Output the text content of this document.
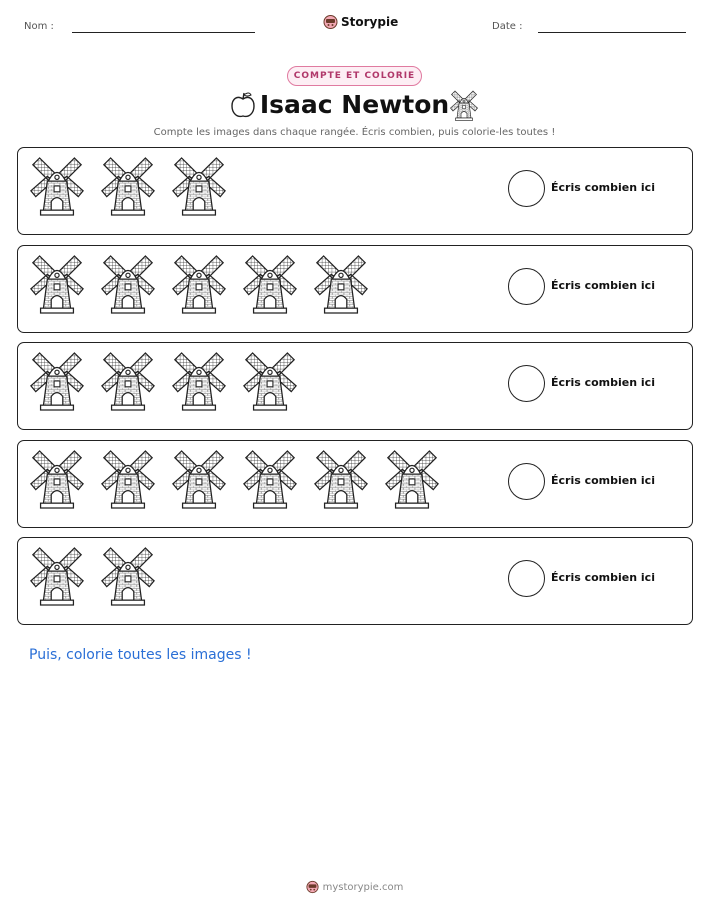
Nom :	Storypie	Date :
COMPTE ET COLORIE
Isaac Newton
Compte les images dans chaque rangée. Écris combien, puis colorie-les toutes !
Écris combien ici
Écris combien ici
Écris combien ici
Écris combien ici
Écris combien ici
Puis, colorie toutes les images !
mystorypie.com
